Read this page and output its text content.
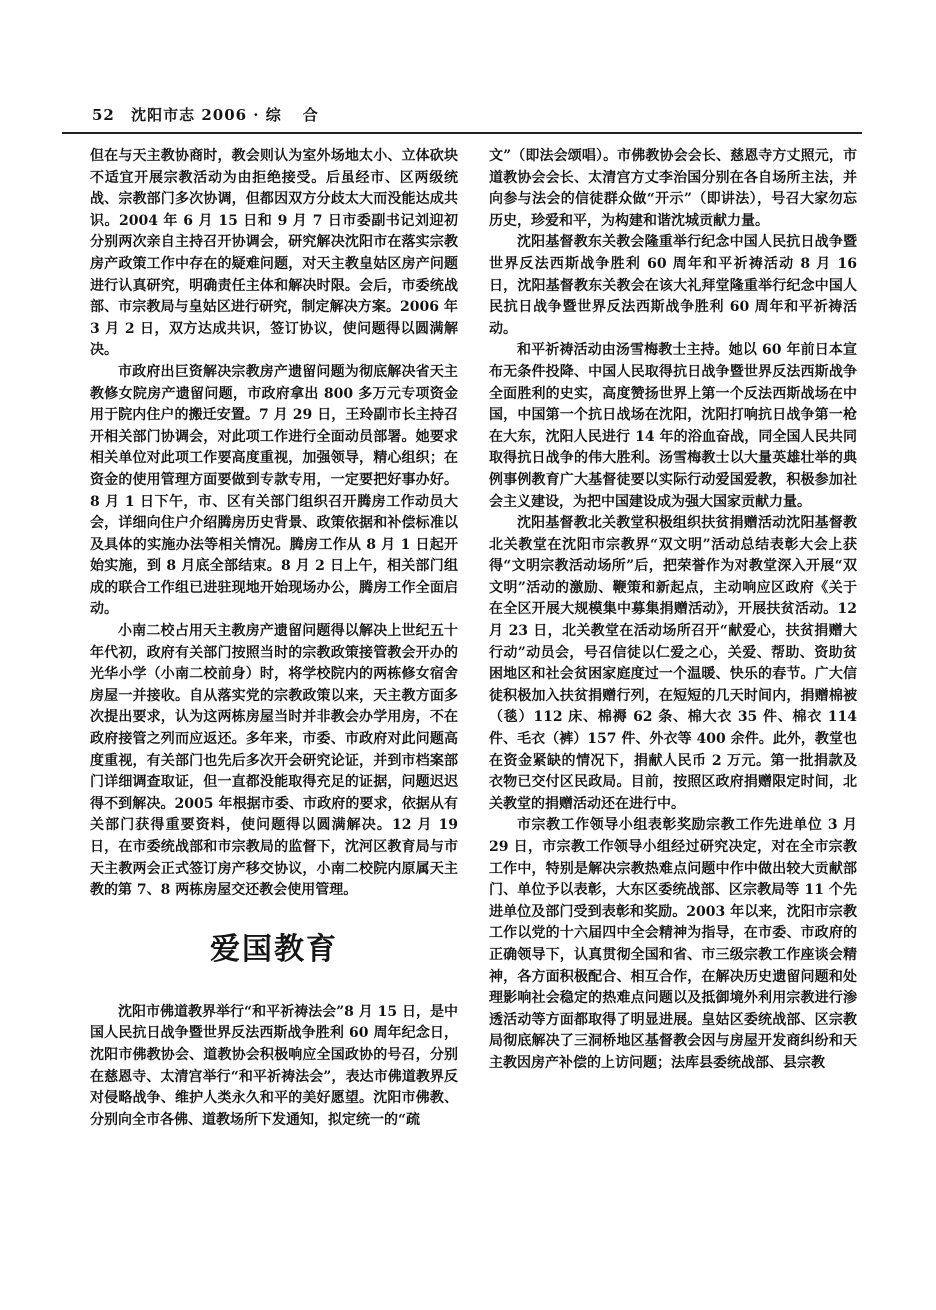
52 沈阳市志 2006 · 综合

但在与天主教协商时，教会则认为室外场地太小、立体砍块不适宜开展宗教活动为由拒绝接受。后虽经市、区两级统战、宗教部门多次协调，但都因双方分歧太大而没能达成共识。2004 年 6 月 15 日和 9 月 7 日市委副书记刘迎初分别两次亲自主持召开协调会，研究解决沈阳市在落实宗教房产政策工作中存在的疑难问题，对天主教皇姑区房产问题进行认真研究，明确责任主体和解决时限。会后，市委统战部、市宗教局与皇姑区进行研究，制定解决方案。2006 年 3 月 2 日，双方达成共识，签订协议，使问题得以圆满解决。

市政府出巨资解决宗教房产遗留问题为彻底解决省天主教修女院房产遗留问题，市政府拿出 800 多万元专项资金用于院内住户的搬迁安置。7 月 29 日，王玲副市长主持召开相关部门协调会，对此项工作进行全面动员部署。她要求相关单位对此项工作要高度重视，加强领导，精心组织；在资金的使用管理方面要做到专款专用，一定要把好事办好。8 月 1 日下午，市、区有关部门组织召开腾房工作动员大会，详细向住户介绍腾房历史背景、政策依据和补偿标准以及具体的实施办法等相关情况。腾房工作从 8 月 1 日起开始实施，到 8 月底全部结束。8 月 2 日上午，相关部门组成的联合工作组已进驻现地开始现场办公，腾房工作全面启动。

小南二校占用天主教房产遗留问题得以解决上世纪五十年代初，政府有关部门按照当时的宗教政策接管教会开办的光华小学（小南二校前身）时，将学校院内的两栋修女宿舍房屋一并接收。自从落实党的宗教政策以来，天主教方面多次提出要求，认为这两栋房屋当时并非教会办学用房，不在政府接管之列而应返还。多年来，市委、市政府对此问题高度重视，有关部门也先后多次开会研究论证，并到市档案部门详细调查取证，但一直都没能取得充足的证据，问题迟迟得不到解决。2005 年根据市委、市政府的要求，依据从有关部门获得重要资料，使问题得以圆满解决。12 月 19 日，在市委统战部和市宗教局的监督下，沈河区教育局与市天主教两会正式签订房产移交协议，小南二校院内原属天主教的第 7、8 两栋房屋交还教会使用管理。

爱国教育

沈阳市佛道教界举行“和平祈祷法会”8 月 15 日，是中国人民抗日战争暨世界反法西斯战争胜利 60 周年纪念日，沈阳市佛教协会、道教协会积极响应全国政协的号召，分别在慈恩寺、太清宫举行“和平祈祷法会”，表达市佛道教界反对侵略战争、维护人类永久和平的美好愿望。沈阳市佛教、分别向全市各佛、道教场所下发通知，拟定统一的“疏

文”（即法会颂唱）。市佛教协会会长、慈恩寺方丈照元，市道教协会会长、太清宫方丈李治国分别在各自场所主法，并向参与法会的信徒群众做“开示”（即讲法），号召大家勿忘历史，珍爱和平，为构建和谐沈城贡献力量。

沈阳基督教东关教会隆重举行纪念中国人民抗日战争暨世界反法西斯战争胜利 60 周年和平祈祷活动 8 月 16 日，沈阳基督教东关教会在该大礼拜堂隆重举行纪念中国人民抗日战争暨世界反法西斯战争胜利 60 周年和平祈祷活动。

和平祈祷活动由汤雪梅教士主持。她以 60 年前日本宣布无条件投降、中国人民取得抗日战争暨世界反法西斯战争全面胜利的史实，高度赞扬世界上第一个反法西斯战场在中国，中国第一个抗日战场在沈阳，沈阳打响抗日战争第一枪在大东，沈阳人民进行 14 年的浴血奋战，同全国人民共同取得抗日战争的伟大胜利。汤雪梅教士以大量英雄壮举的典例事例教育广大基督徒要以实际行动爱国爱教，积极参加社会主义建设，为把中国建设成为强大国家贡献力量。

沈阳基督教北关教堂积极组织扶贫捐赠活动沈阳基督教北关教堂在沈阳市宗教界“双文明”活动总结表彰大会上获得“文明宗教活动场所”后，把荣誉作为对教堂深入开展“双文明”活动的激励、鞭策和新起点，主动响应区政府《关于在全区开展大规模集中募集捐赠活动》，开展扶贫活动。12 月 23 日，北关教堂在活动场所召开“献爱心，扶贫捐赠大行动”动员会，号召信徒以仁爱之心，关爱、帮助、资助贫困地区和社会贫困家庭度过一个温暖、快乐的春节。广大信徒积极加入扶贫捐赠行列，在短短的几天时间内，捐赠棉被（毯）112 床、棉褥 62 条、棉大衣 35 件、棉衣 114 件、毛衣（裤）157 件、外衣等 400 余件。此外，教堂也在资金紧缺的情况下，捐献人民币 2 万元。第一批捐款及衣物已交付区民政局。目前，按照区政府捐赠限定时间，北关教堂的捐赠活动还在进行中。

市宗教工作领导小组表彰奖励宗教工作先进单位 3 月 29 日，市宗教工作领导小组经过研究决定，对在全市宗教工作中，特别是解决宗教热难点问题中作中做出较大贡献部门、单位予以表彰，大东区委统战部、区宗教局等 11 个先进单位及部门受到表彰和奖励。2003 年以来，沈阳市宗教工作以党的十六届四中全会精神为指导，在市委、市政府的正确领导下，认真贯彻全国和省、市三级宗教工作座谈会精神，各方面积极配合、相互合作，在解决历史遗留问题和处理影响社会稳定的热难点问题以及抵御境外利用宗教进行渗透活动等方面都取得了明显进展。皇姑区委统战部、区宗教局彻底解决了三洞桥地区基督教会因与房屋开发商纠纷和天主教因房产补偿的上访问题；法库县委统战部、县宗教
